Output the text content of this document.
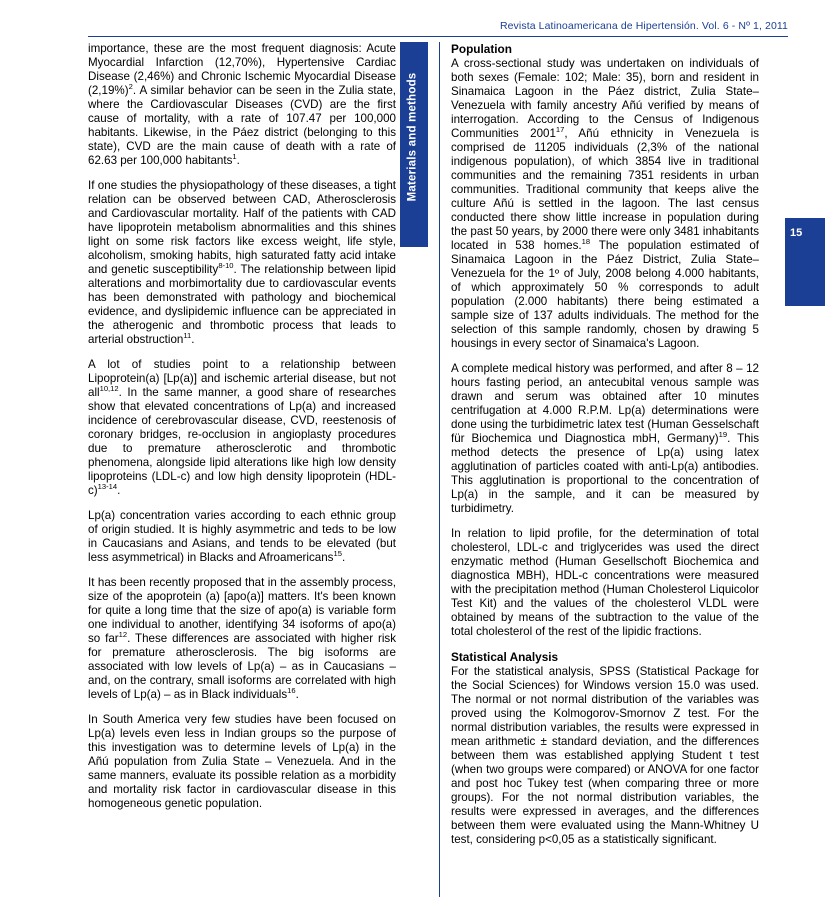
Revista Latinoamericana de Hipertensión. Vol. 6 - Nº 1, 2011
15
Materials and methods

importance, these are the most frequent diagnosis: Acute Myocardial Infarction (12,70%), Hypertensive Cardiac Disease (2,46%) and Chronic Ischemic Myocardial Disease $(2,19\%)^2$. A similar behavior can be seen in the Zulia state, where the Cardiovascular Diseases (CVD) are the first cause of mortality, with a rate of 107.47 per 100,000 habitants. Likewise, in the Páez district (belonging to this state), CVD are the main cause of death with a rate of 62.63 per 100,000 habitants$^1$.

If one studies the physiopathology of these diseases, a tight relation can be observed between CAD, Atherosclerosis and Cardiovascular mortality. Half of the patients with CAD have lipoprotein metabolism abnormalities and this shines light on some risk factors like excess weight, life style, alcoholism, smoking habits, high saturated fatty acid intake and genetic susceptibility$^{8-10}$. The relationship between lipid alterations and morbimortality due to cardiovascular events has been demonstrated with pathology and biochemical evidence, and dyslipidemic influence can be appreciated in the atherogenic and thrombotic process that leads to arterial obstruction$^{11}$.

A lot of studies point to a relationship between Lipoprotein(a) [Lp(a)] and ischemic arterial disease, but not all$^{10,12}$. In the same manner, a good share of researches show that elevated concentrations of Lp(a) and increased incidence of cerebrovascular disease, CVD, reestenosis of coronary bridges, re-occlusion in angioplasty procedures due to premature atherosclerotic and thrombotic phenomena, alongside lipid alterations like high low density lipoproteins (LDL-c) and low high density lipoprotein $(HDL-c)^{13-14}$.

Lp(a) concentration varies according to each ethnic group of origin studied. It is highly asymmetric and teds to be low in Caucasians and Asians, and tends to be elevated (but less asymmetrical) in Blacks and Afroamericans$^{15}$.

It has been recently proposed that in the assembly process, size of the apoprotein (a) [apo(a)] matters. It's been known for quite a long time that the size of apo(a) is variable form one individual to another, identifying 34 isoforms of apo(a) so far$^{12}$. These differences are associated with higher risk for premature atherosclerosis. The big isoforms are associated with low levels of Lp(a) – as in Caucasians – and, on the contrary, small isoforms are correlated with high levels of Lp(a) – as in Black individuals$^{16}$.

In South America very few studies have been focused on Lp(a) levels even less in Indian groups so the purpose of this investigation was to determine levels of Lp(a) in the Añú population from Zulia State – Venezuela. And in the same manners, evaluate its possible relation as a morbidity and mortality risk factor in cardiovascular disease in this homogeneous genetic population.

Population

A cross-sectional study was undertaken on individuals of both sexes (Female: 102; Male: 35), born and resident in Sinamaica Lagoon in the Páez district, Zulia State–Venezuela with family ancestry Añú verified by means of interrogation. According to the Census of Indigenous Communities 2001$^{17}$, Añú ethnicity in Venezuela is comprised de 11205 individuals (2,3% of the national indigenous population), of which 3854 live in traditional communities and the remaining 7351 residents in urban communities. Traditional community that keeps alive the culture Añú is settled in the lagoon. The last census conducted there show little increase in population during the past 50 years, by 2000 there were only 3481 inhabitants located in 538 homes.$^{18}$ The population estimated of Sinamaica Lagoon in the Páez District, Zulia State–Venezuela for the 1º of July, 2008 belong 4.000 habitants, of which approximately 50 % corresponds to adult population (2.000 habitants) there being estimated a sample size of 137 adults individuals. The method for the selection of this sample randomly, chosen by drawing 5 housings in every sector of Sinamaica's Lagoon.

A complete medical history was performed, and after 8 – 12 hours fasting period, an antecubital venous sample was drawn and serum was obtained after 10 minutes centrifugation at 4.000 R.P.M. Lp(a) determinations were done using the turbidimetric latex test (Human Gesselschaft für Biochemica und Diagnostica mbH, Germany)$^{19}$. This method detects the presence of Lp(a) using latex agglutination of particles coated with anti-Lp(a) antibodies. This agglutination is proportional to the concentration of Lp(a) in the sample, and it can be measured by turbidimetry.

In relation to lipid profile, for the determination of total cholesterol, LDL-c and triglycerides was used the direct enzymatic method (Human Gesellschoft Biochemica and diagnostica MBH), HDL-c concentrations were measured with the precipitation method (Human Cholesterol Liquicolor Test Kit) and the values of the cholesterol VLDL were obtained by means of the subtraction to the value of the total cholesterol of the rest of the lipidic fractions.

Statistical Analysis

For the statistical analysis, SPSS (Statistical Package for the Social Sciences) for Windows version 15.0 was used. The normal or not normal distribution of the variables was proved using the Kolmogorov-Smornov Z test. For the normal distribution variables, the results were expressed in mean arithmetic ± standard deviation, and the differences between them was established applying Student t test (when two groups were compared) or ANOVA for one factor and post hoc Tukey test (when comparing three or more groups). For the not normal distribution variables, the results were expressed in averages, and the differences between them were evaluated using the Mann-Whitney U test, considering p<0,05 as a statistically significant.
